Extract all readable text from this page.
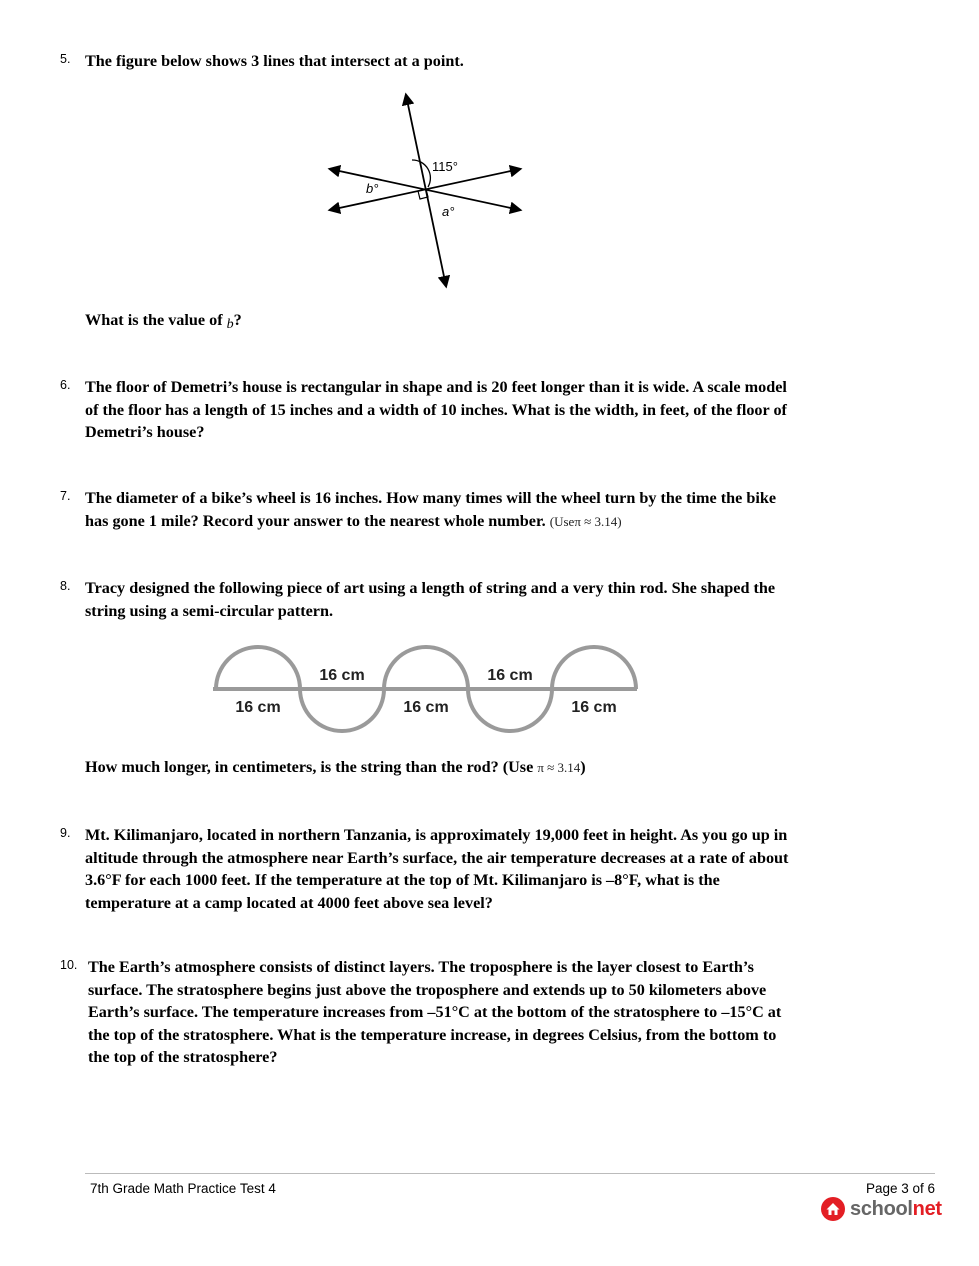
5. The figure below shows 3 lines that intersect at a point.
115°
b°
a°
What is the value of b?
6. The floor of Demetri’s house is rectangular in shape and is 20 feet longer than it is wide. A scale model of the floor has a length of 15 inches and a width of 10 inches. What is the width, in feet, of the floor of Demetri’s house?
7. The diameter of a bike’s wheel is 16 inches. How many times will the wheel turn by the time the bike has gone 1 mile? Record your answer to the nearest whole number. (Useπ ≈ 3.14)
8. Tracy designed the following piece of art using a length of string and a very thin rod. She shaped the string using a semi-circular pattern.
16 cm	16 cm
16 cm	16 cm	16 cm
How much longer, in centimeters, is the string than the rod? (Use π ≈ 3.14)
9. Mt. Kilimanjaro, located in northern Tanzania, is approximately 19,000 feet in height. As you go up in altitude through the atmosphere near Earth’s surface, the air temperature decreases at a rate of about 3.6°F for each 1000 feet. If the temperature at the top of Mt. Kilimanjaro is –8°F, what is the temperature at a camp located at 4000 feet above sea level?
10. The Earth’s atmosphere consists of distinct layers. The troposphere is the layer closest to Earth’s surface. The stratosphere begins just above the troposphere and extends up to 50 kilometers above Earth’s surface. The temperature increases from –51°C at the bottom of the stratosphere to –15°C at the top of the stratosphere. What is the temperature increase, in degrees Celsius, from the bottom to the top of the stratosphere?
7th Grade Math Practice Test 4	Page 3 of 6
schoolnet
